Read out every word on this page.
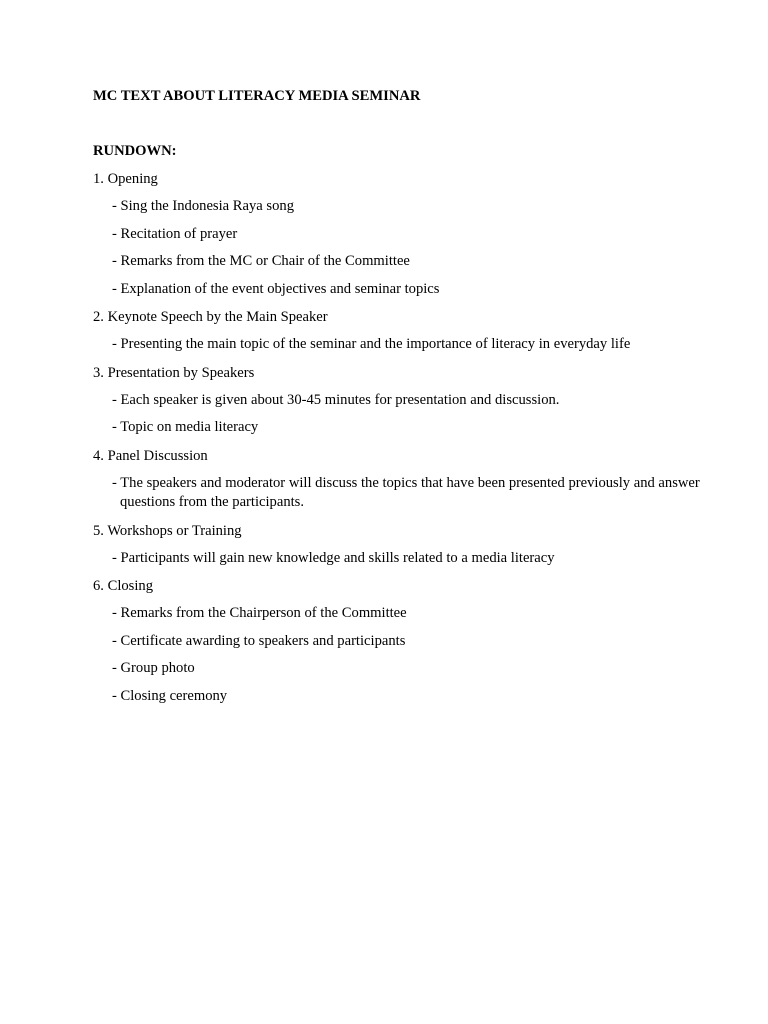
MC TEXT ABOUT LITERACY MEDIA SEMINAR
RUNDOWN:
1. Opening
- Sing the Indonesia Raya song
- Recitation of prayer
- Remarks from the MC or Chair of the Committee
- Explanation of the event objectives and seminar topics
2. Keynote Speech by the Main Speaker
- Presenting the main topic of the seminar and the importance of literacy in everyday life
3. Presentation by Speakers
- Each speaker is given about 30-45 minutes for presentation and discussion.
- Topic on media literacy
4. Panel Discussion
- The speakers and moderator will discuss the topics that have been presented previously and answer questions from the participants.
5. Workshops or Training
- Participants will gain new knowledge and skills related to a media literacy
6. Closing
- Remarks from the Chairperson of the Committee
- Certificate awarding to speakers and participants
- Group photo
- Closing ceremony
